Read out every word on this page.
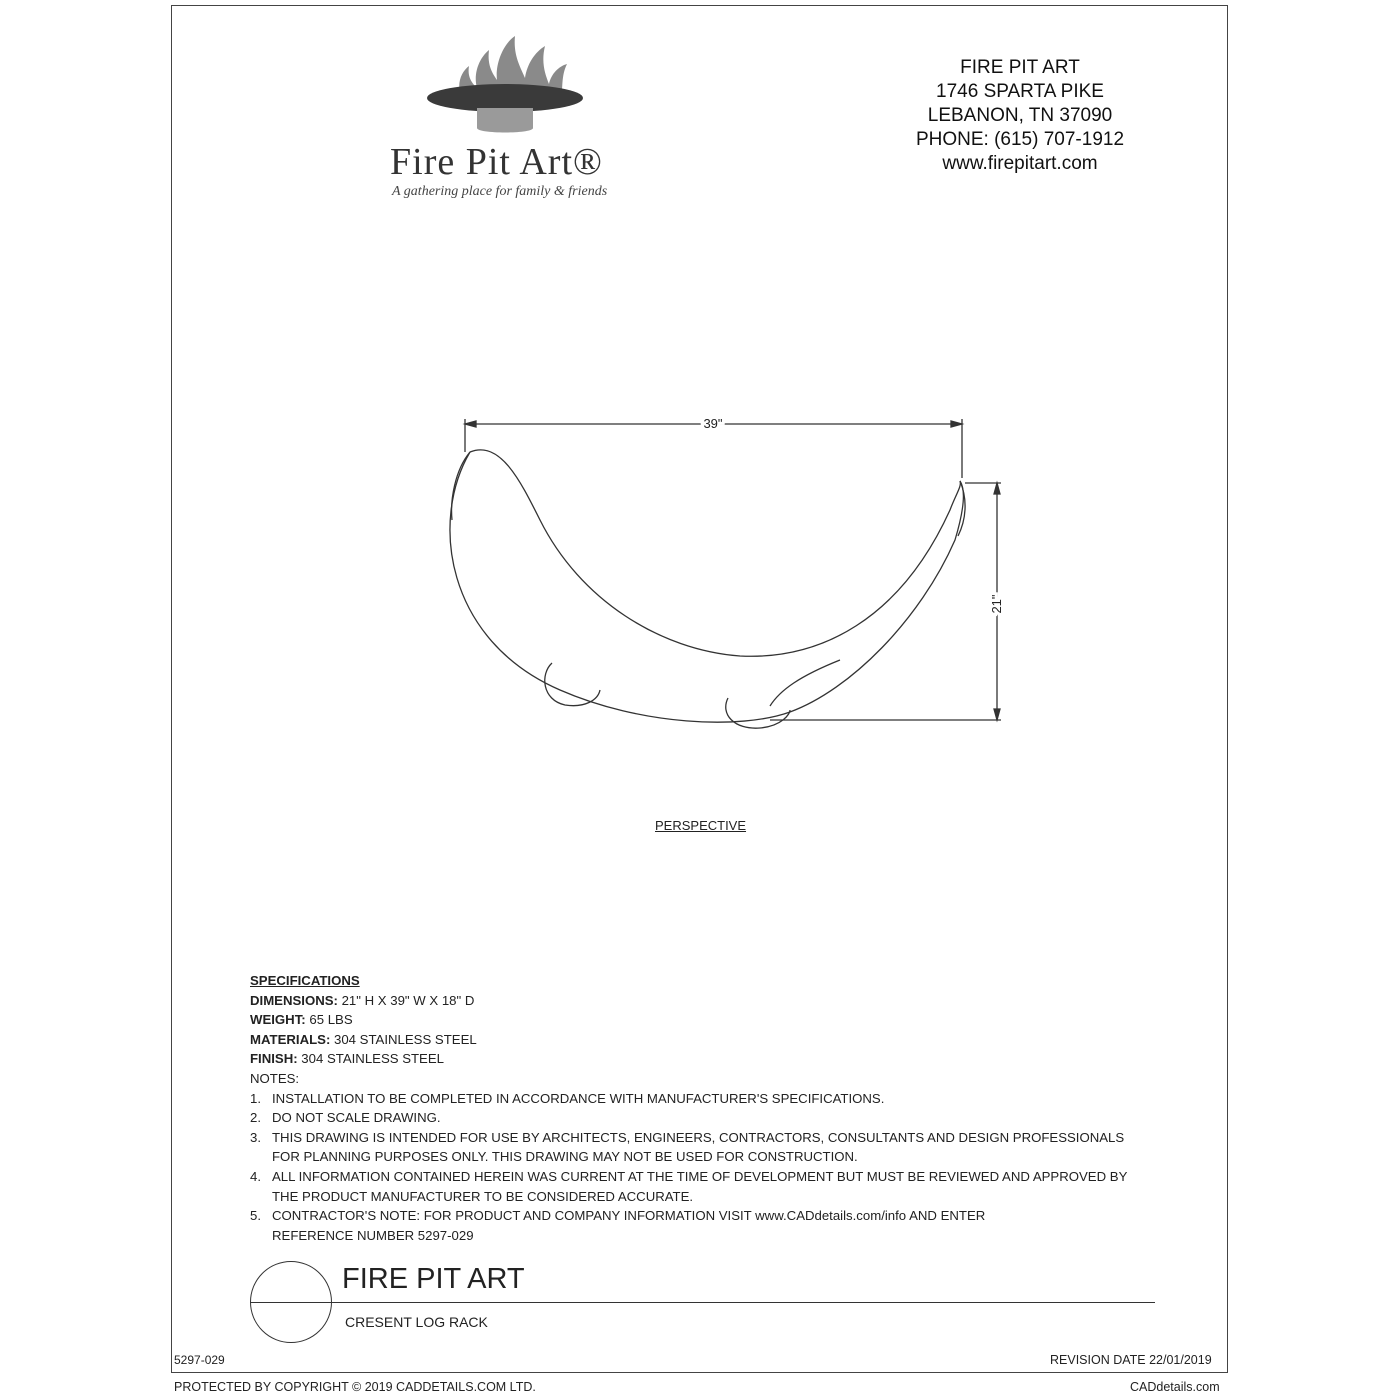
Fire Pit Art®
A gathering place for family & friends
FIRE PIT ART
1746 SPARTA PIKE
LEBANON, TN 37090
PHONE: (615) 707-1912
www.firepitart.com
39"
21"
PERSPECTIVE
SPECIFICATIONS
DIMENSIONS: 21" H X 39" W X 18" D
WEIGHT: 65 LBS
MATERIALS: 304 STAINLESS STEEL
FINISH: 304 STAINLESS STEEL
NOTES:
1. INSTALLATION TO BE COMPLETED IN ACCORDANCE WITH MANUFACTURER'S SPECIFICATIONS.
2. DO NOT SCALE DRAWING.
3. THIS DRAWING IS INTENDED FOR USE BY ARCHITECTS, ENGINEERS, CONTRACTORS, CONSULTANTS AND DESIGN PROFESSIONALS
FOR PLANNING PURPOSES ONLY. THIS DRAWING MAY NOT BE USED FOR CONSTRUCTION.
4. ALL INFORMATION CONTAINED HEREIN WAS CURRENT AT THE TIME OF DEVELOPMENT BUT MUST BE REVIEWED AND APPROVED BY
THE PRODUCT MANUFACTURER TO BE CONSIDERED ACCURATE.
5. CONTRACTOR'S NOTE: FOR PRODUCT AND COMPANY INFORMATION VISIT www.CADdetails.com/info AND ENTER
REFERENCE NUMBER 5297-029
FIRE PIT ART
CRESENT LOG RACK
5297-029	REVISION DATE 22/01/2019
PROTECTED BY COPYRIGHT © 2019 CADDETAILS.COM LTD.	CADdetails.com
